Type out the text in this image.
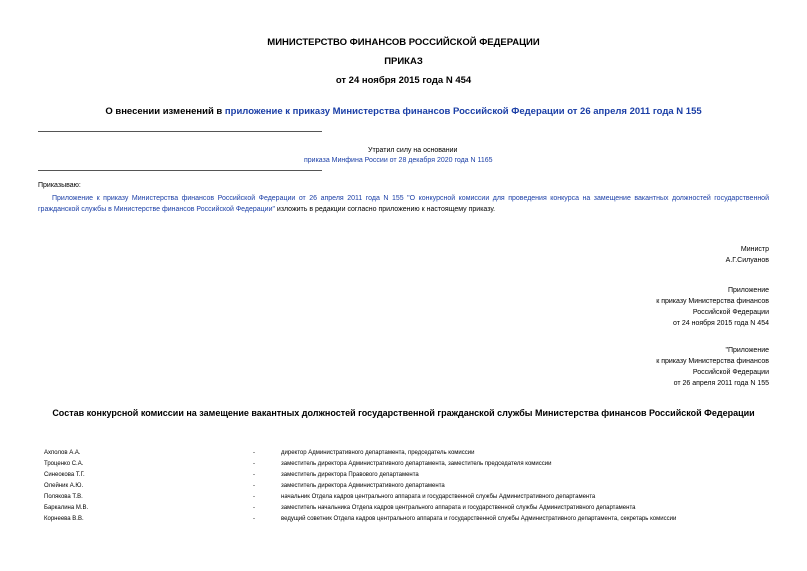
МИНИСТЕРСТВО ФИНАНСОВ РОССИЙСКОЙ ФЕДЕРАЦИИ
ПРИКАЗ
от 24 ноября 2015 года N 454
О внесении изменений в приложение к приказу Министерства финансов Российской Федерации от 26 апреля 2011 года N 155
Утратил силу на основании
приказа Минфина России от 28 декабря 2020 года N 1165
Приказываю:
Приложение к приказу Министерства финансов Российской Федерации от 26 апреля 2011 года N 155 "О конкурсной комиссии для проведения конкурса на замещение вакантных должностей государственной гражданской службы в Министерстве финансов Российской Федерации" изложить в редакции согласно приложению к настоящему приказу.
Министр
А.Г.Силуанов
Приложение
к приказу Министерства финансов
Российской Федерации
от 24 ноября 2015 года N 454
"Приложение
к приказу Министерства финансов
Российской Федерации
от 26 апреля 2011 года N 155
Состав конкурсной комиссии на замещение вакантных должностей государственной гражданской службы Министерства финансов Российской Федерации
Ахполов А.А.	-	директор Административного департамента, председатель комиссии
Троценко С.А.	-	заместитель директора Административного департамента, заместитель председателя комиссии
Синеокова Т.Г.	-	заместитель директора Правового департамента
Олейник А.Ю.	-	заместитель директора Административного департамента
Полякова Т.В.	-	начальник Отдела кадров центрального аппарата и государственной службы Административного департамента
Баркалина М.В.	-	заместитель начальника Отдела кадров центрального аппарата и государственной службы Административного департамента
Корнеева В.В.	-	ведущий советник Отдела кадров центрального аппарата и государственной службы Административного департамента, секретарь комиссии
